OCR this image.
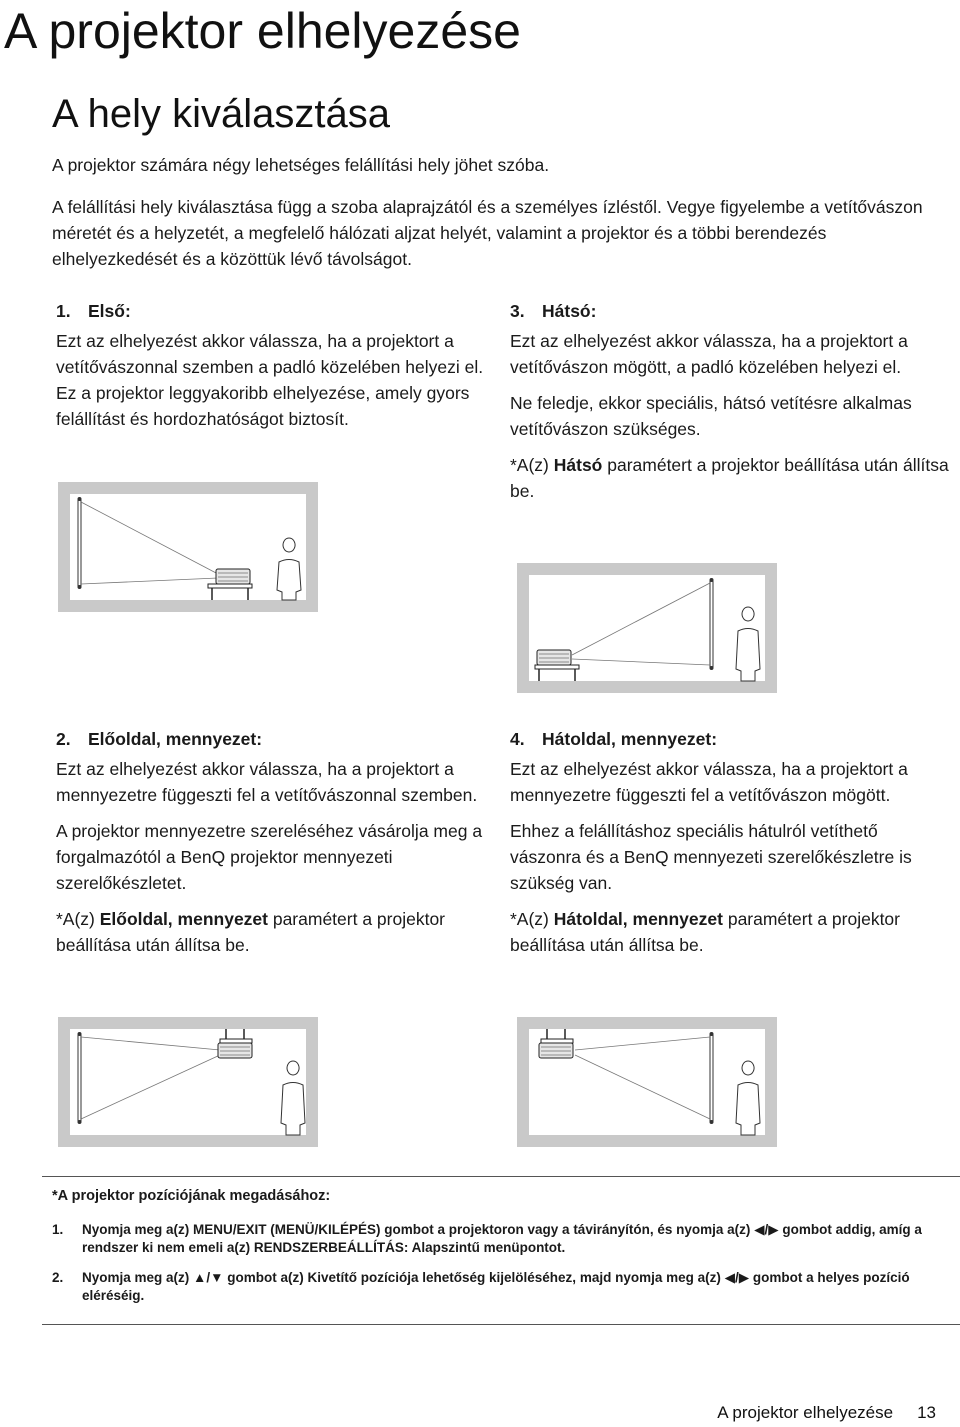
A projektor elhelyezése
A hely kiválasztása
A projektor számára négy lehetséges felállítási hely jöhet szóba.
A felállítási hely kiválasztása függ a szoba alaprajzától és a személyes ízléstől. Vegye figyelembe a vetítővászon méretét és a helyzetét, a megfelelő hálózati aljzat helyét, valamint a projektor és a többi berendezés elhelyezkedését és a közöttük lévő távolságot.
1. Első:

Ezt az elhelyezést akkor válassza, ha a projektort a vetítővászonnal szemben a padló közelében helyezi el. Ez a projektor leggyakoribb elhelyezése, amely gyors felállítást és hordozhatóságot biztosít.

3. Hátsó:

Ezt az elhelyezést akkor válassza, ha a projektort a vetítővászon mögött, a padló közelében helyezi el.

Ne feledje, ekkor speciális, hátsó vetítésre alkalmas vetítővászon szükséges.

*A(z) Hátsó paramétert a projektor beállítása után állítsa be.

2. Előoldal, mennyezet:

Ezt az elhelyezést akkor válassza, ha a projektort a mennyezetre függeszti fel a vetítővászonnal szemben.

A projektor mennyezetre szereléséhez vásárolja meg a forgalmazótól a BenQ projektor mennyezeti szerelőkészletet.

*A(z) Előoldal, mennyezet paramétert a projektor beállítása után állítsa be.

4. Hátoldal, mennyezet:

Ezt az elhelyezést akkor válassza, ha a projektort a mennyezetre függeszti fel a vetítővászon mögött.

Ehhez a felállításhoz speciális hátulról vetíthető vászonra és a BenQ mennyezeti szerelőkészletre is szükség van.

*A(z) Hátoldal, mennyezet paramétert a projektor beállítása után állítsa be.

*A projektor pozíciójának megadásához:
1.	Nyomja meg a(z) MENU/EXIT (MENÜ/KILÉPÉS) gombot a projektoron vagy a távirányítón, és nyomja a(z) ◀/▶ gombot addig, amíg a rendszer ki nem emeli a(z) RENDSZERBEÁLLÍTÁS: Alapszintű menüpontot.
2.	Nyomja meg a(z) ▲/▼ gombot a(z) Kivetítő pozíciója lehetőség kijelöléséhez, majd nyomja meg a(z) ◀/▶ gombot a helyes pozíció eléréséig.
A projektor elhelyezése 13
